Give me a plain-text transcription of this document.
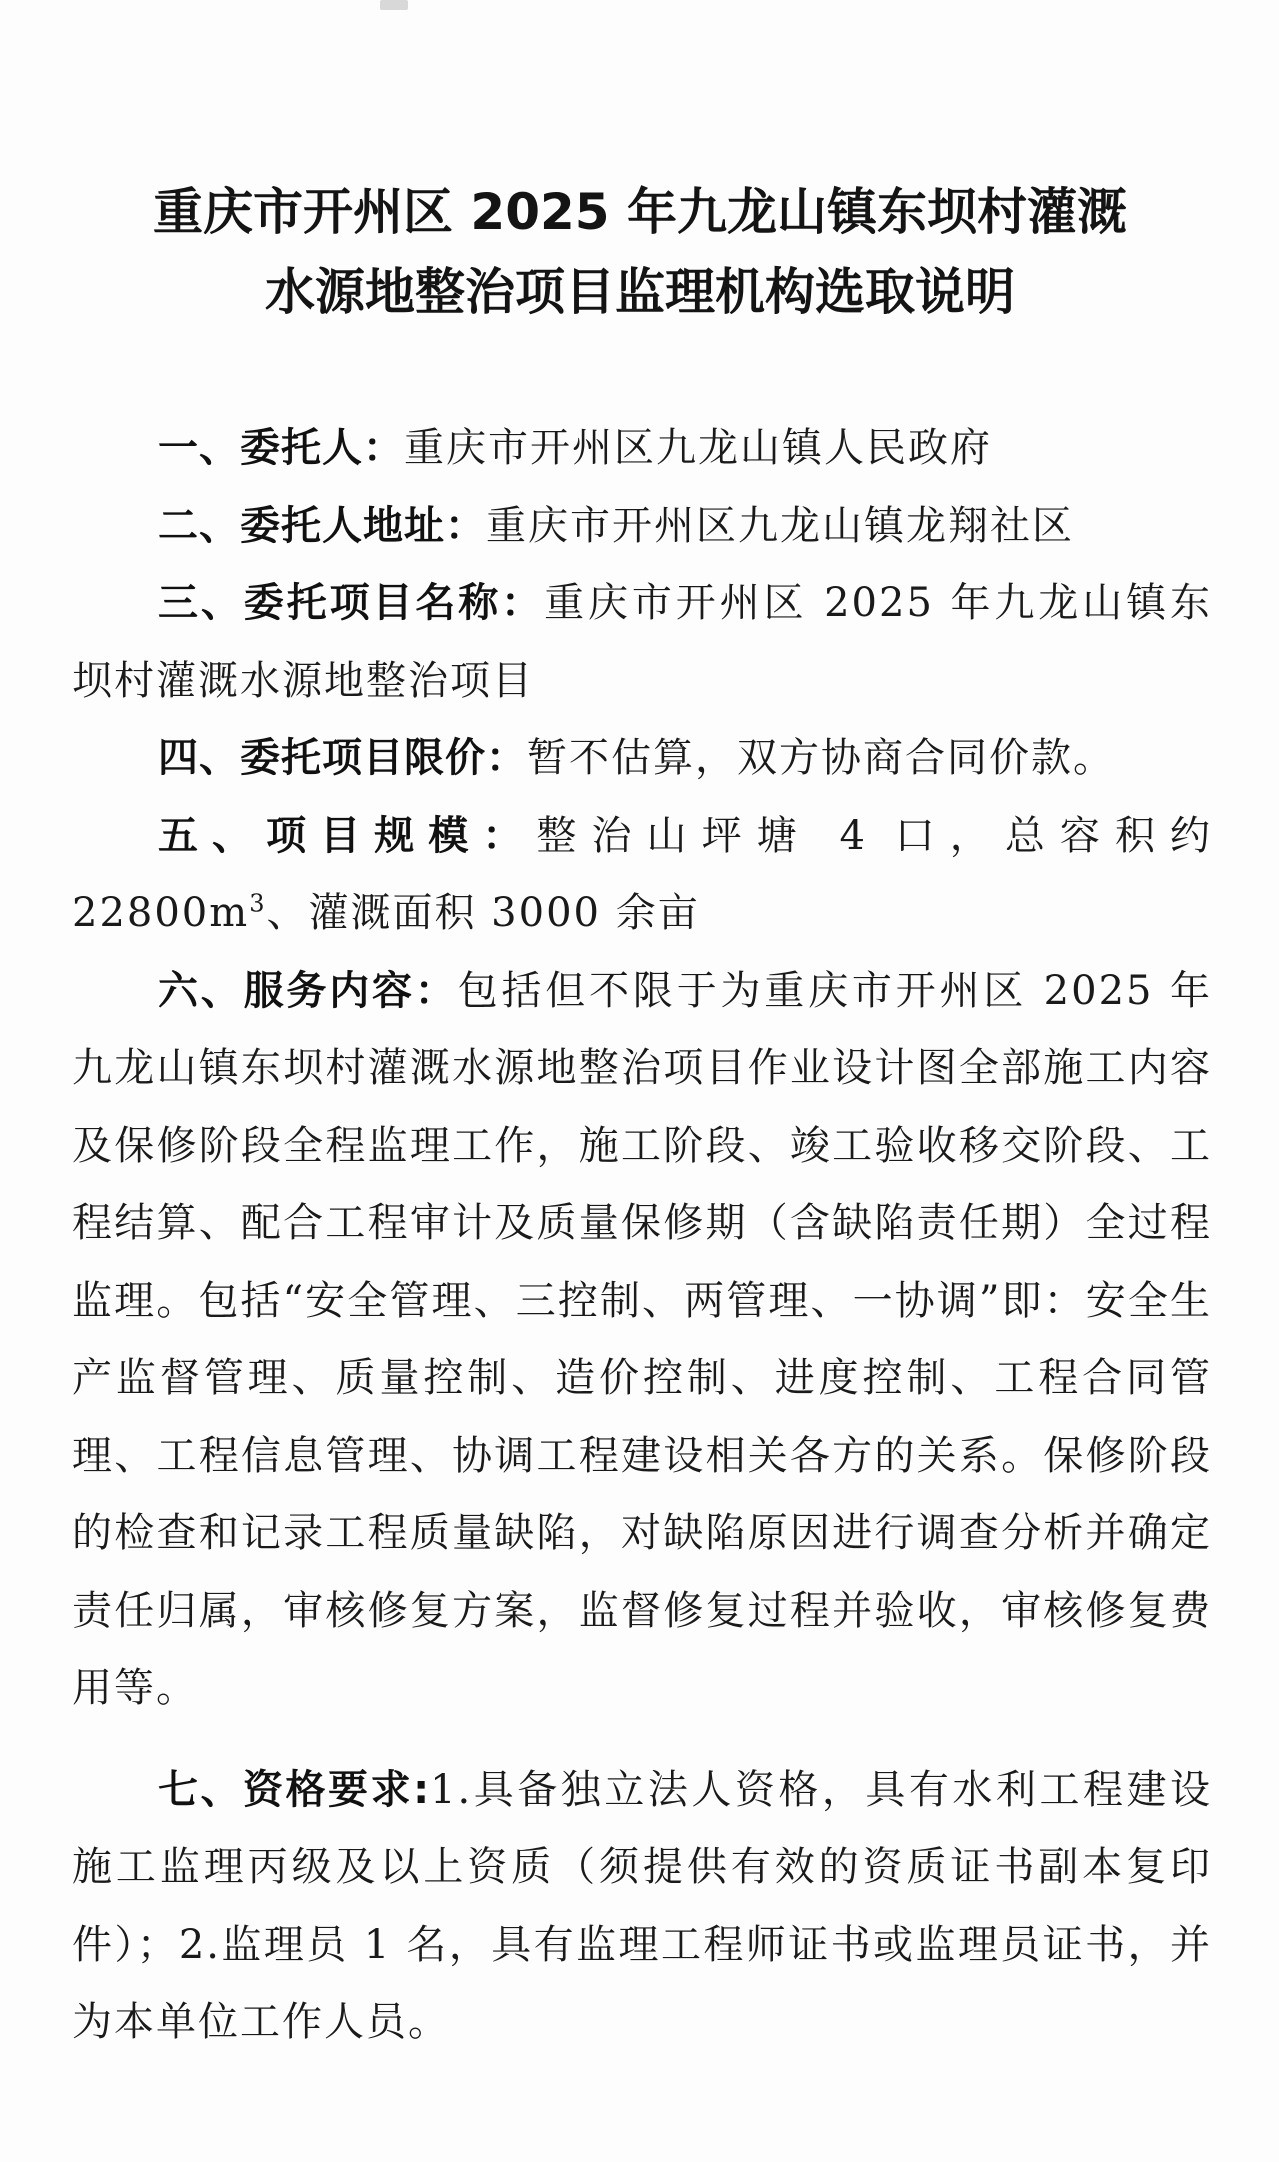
重庆市开州区 2025 年九龙山镇东坝村灌溉
水源地整治项目监理机构选取说明

一、委托人：重庆市开州区九龙山镇人民政府

二、委托人地址：重庆市开州区九龙山镇龙翔社区

三、委托项目名称：重庆市开州区 2025 年九龙山镇东坝村灌溉水源地整治项目

四、委托项目限价：暂不估算，双方协商合同价款。

五、项目规模：整治山坪塘 4 口，总容积约 $22800m^3$、灌溉面积 3000 余亩

六、服务内容：包括但不限于为重庆市开州区 2025 年九龙山镇东坝村灌溉水源地整治项目作业设计图全部施工内容及保修阶段全程监理工作，施工阶段、竣工验收移交阶段、工程结算、配合工程审计及质量保修期（含缺陷责任期）全过程监理。包括“安全管理、三控制、两管理、一协调”即：安全生产监督管理、质量控制、造价控制、进度控制、工程合同管理、工程信息管理、协调工程建设相关各方的关系。保修阶段的检查和记录工程质量缺陷，对缺陷原因进行调查分析并确定责任归属，审核修复方案，监督修复过程并验收，审核修复费用等。

七、资格要求:1.具备独立法人资格，具有水利工程建设施工监理丙级及以上资质（须提供有效的资质证书副本复印件）；2.监理员 1 名，具有监理工程师证书或监理员证书，并为本单位工作人员。
